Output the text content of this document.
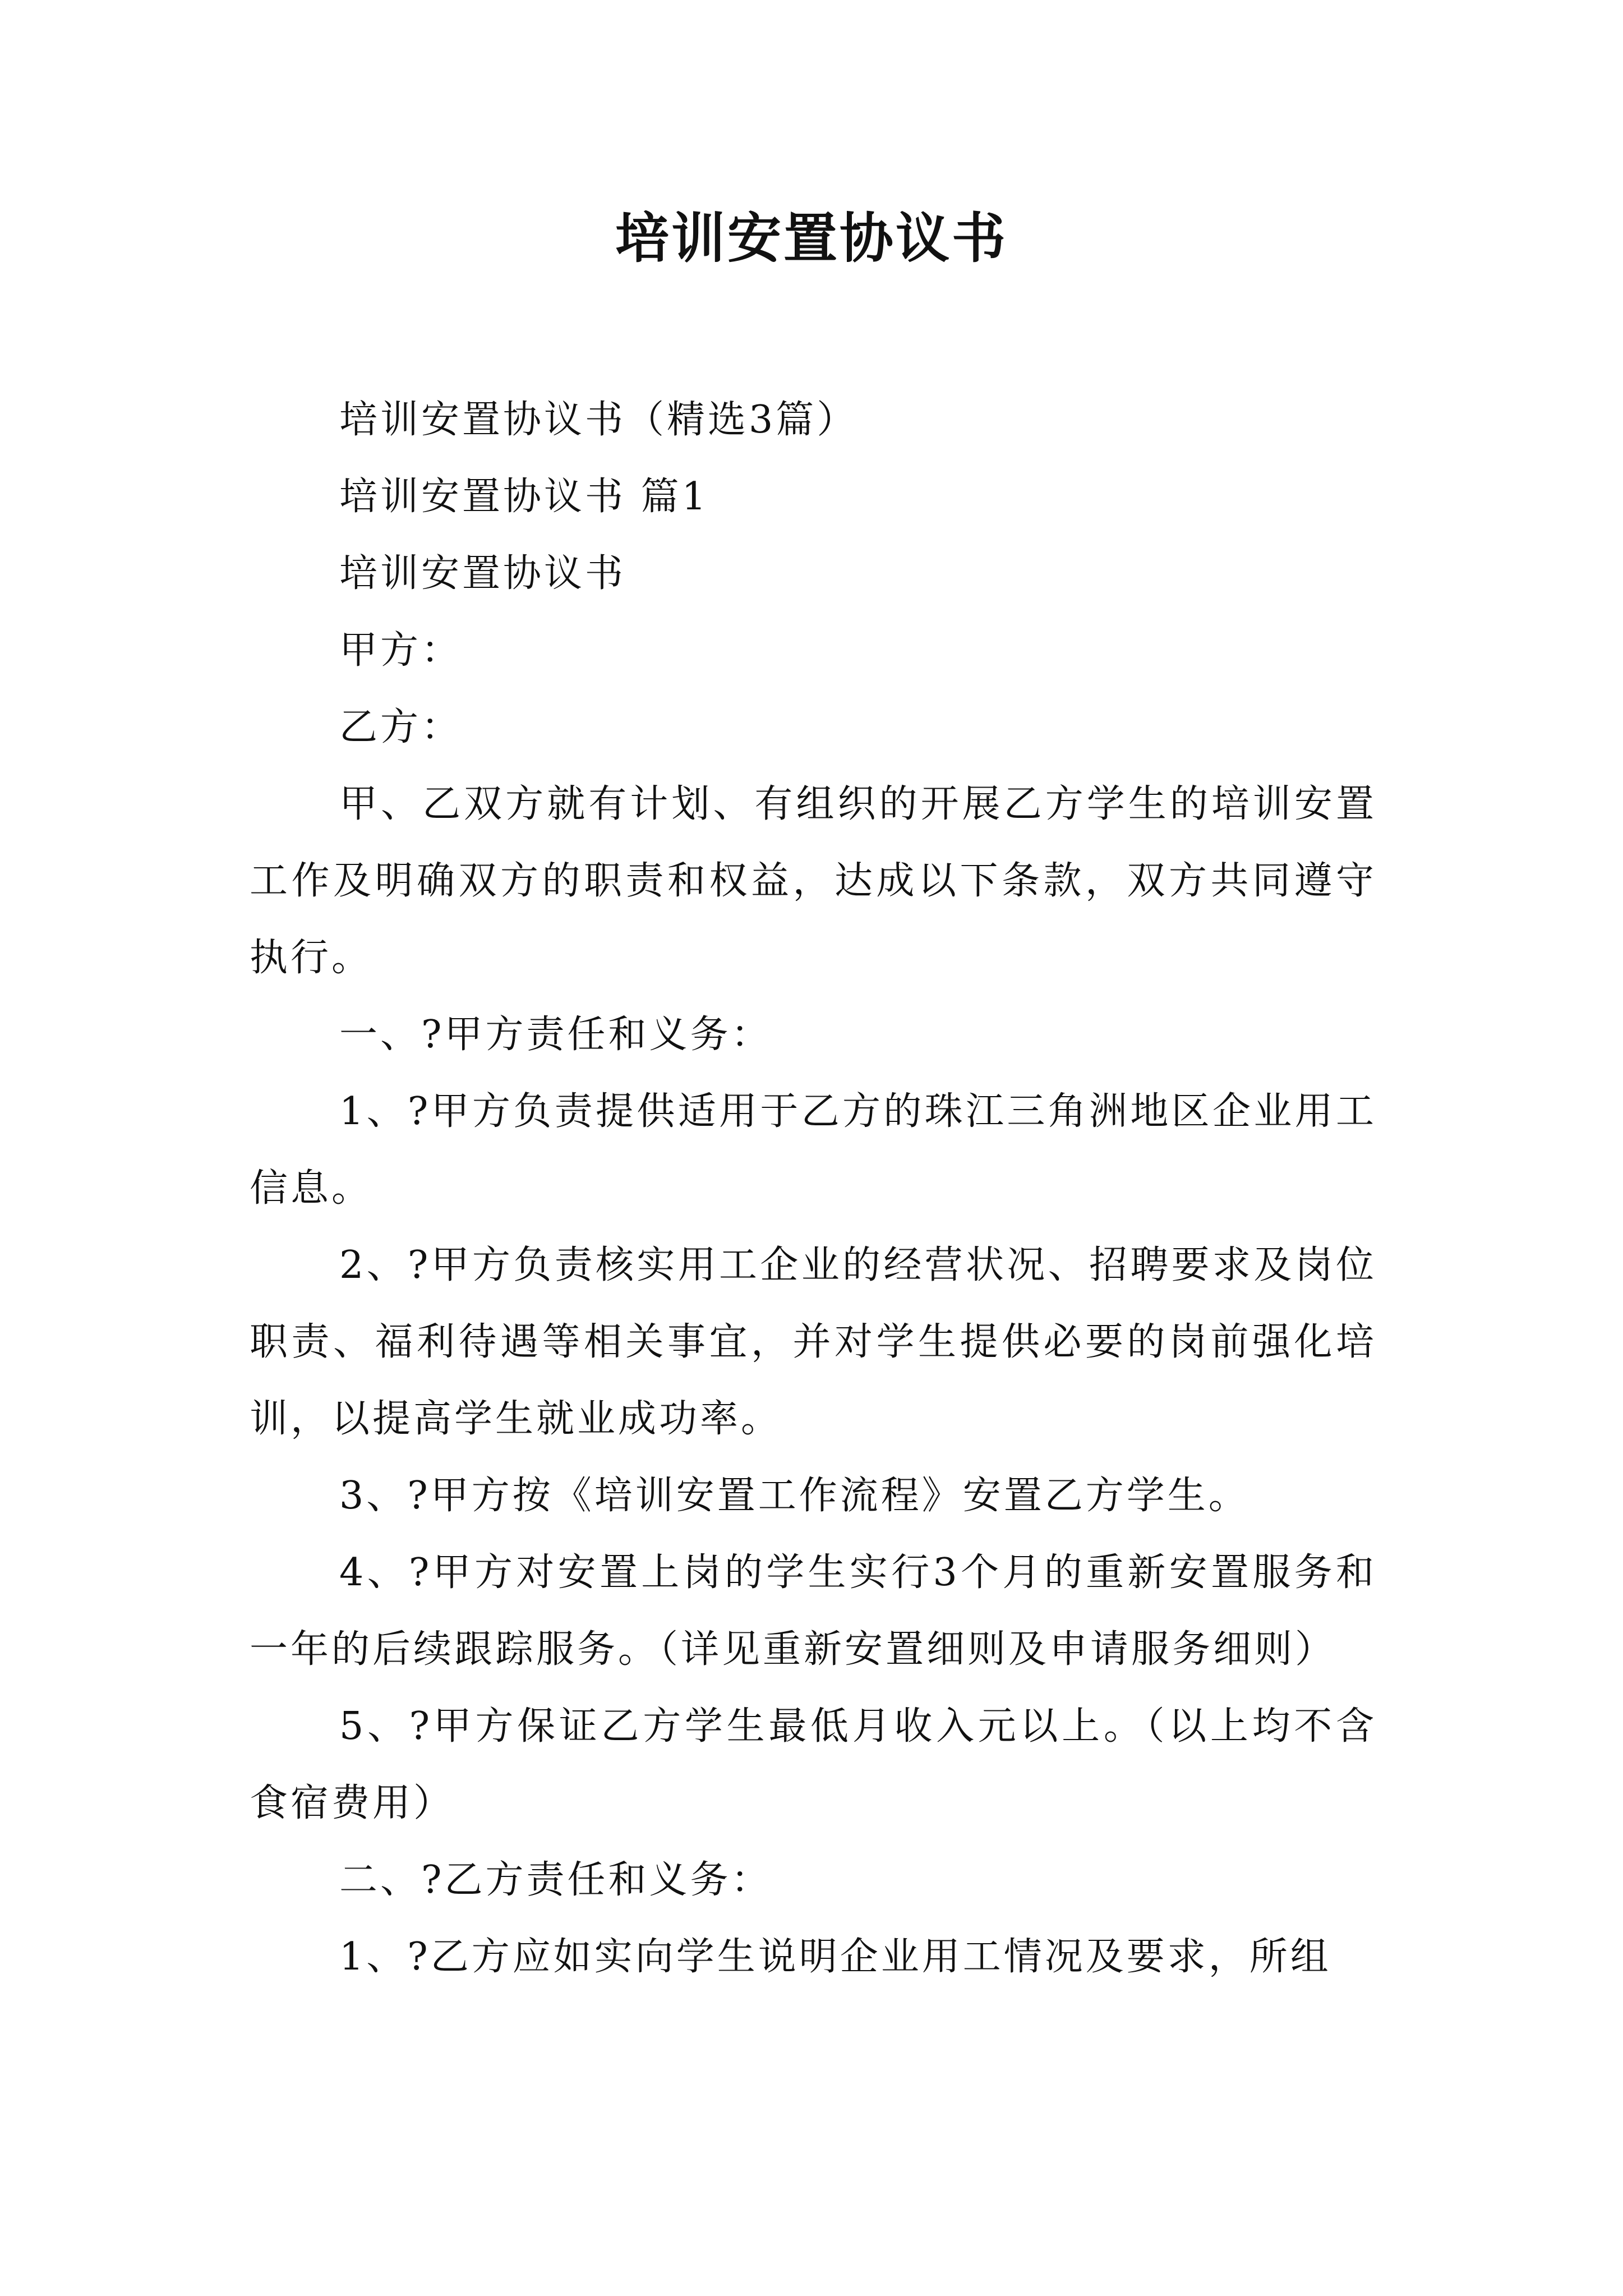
培训安置协议书

培训安置协议书（精选3篇）

培训安置协议书 篇1

培训安置协议书

甲方：

乙方：

甲、乙双方就有计划、有组织的开展乙方学生的培训安置工作及明确双方的职责和权益，达成以下条款，双方共同遵守执行。

一、?甲方责任和义务：

1、?甲方负责提供适用于乙方的珠江三角洲地区企业用工信息。

2、?甲方负责核实用工企业的经营状况、招聘要求及岗位职责、福利待遇等相关事宜，并对学生提供必要的岗前强化培训，以提高学生就业成功率。

3、?甲方按《培训安置工作流程》安置乙方学生。

4、?甲方对安置上岗的学生实行3个月的重新安置服务和一年的后续跟踪服务。（详见重新安置细则及申请服务细则）

5、?甲方保证乙方学生最低月收入元以上。（以上均不含食宿费用）

二、?乙方责任和义务：

1、?乙方应如实向学生说明企业用工情况及要求，所组
